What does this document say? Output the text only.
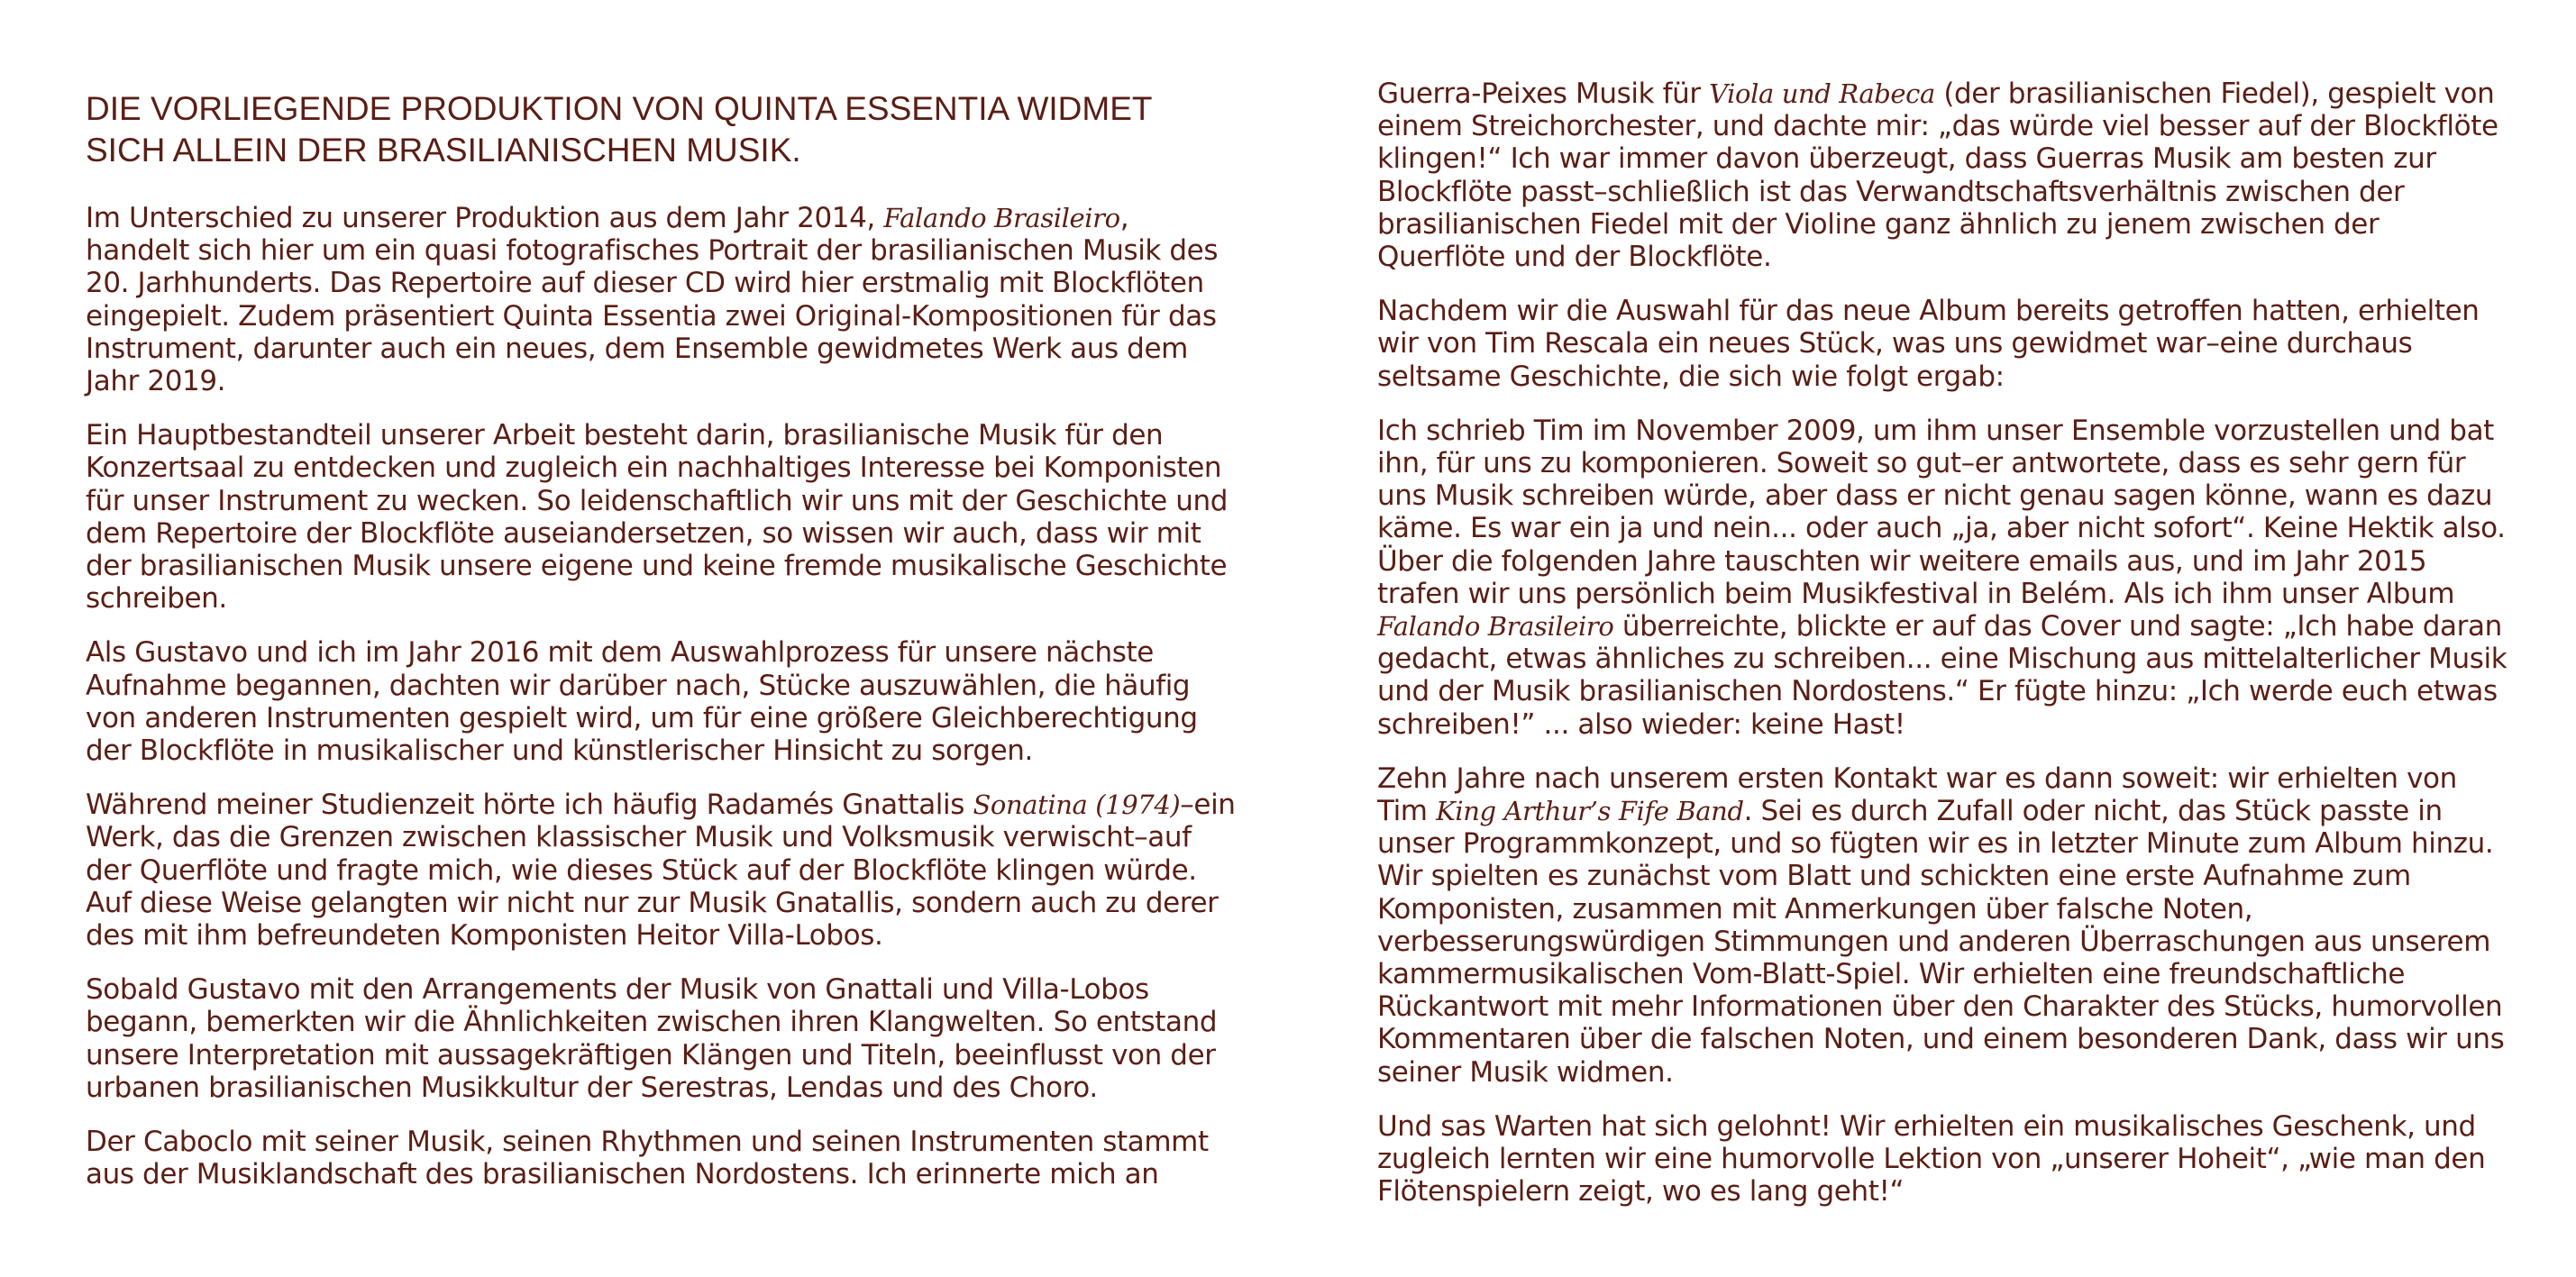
DIE VORLIEGENDE PRODUKTION VON QUINTA ESSENTIA WIDMET SICH ALLEIN DER BRASILIANISCHEN MUSIK.

Im Unterschied zu unserer Produktion aus dem Jahr 2014, Falando Brasileiro, handelt sich hier um ein quasi fotografisches Portrait der brasilianischen Musik des 20. Jarhhunderts. Das Repertoire auf dieser CD wird hier erstmalig mit Blockflöten eingepielt. Zudem präsentiert Quinta Essentia zwei Original-Kompositionen für das Instrument, darunter auch ein neues, dem Ensemble gewidmetes Werk aus dem Jahr 2019.

Ein Hauptbestandteil unserer Arbeit besteht darin, brasilianische Musik für den Konzertsaal zu entdecken und zugleich ein nachhaltiges Interesse bei Komponisten für unser Instrument zu wecken. So leidenschaftlich wir uns mit der Geschichte und dem Repertoire der Blockflöte auseiandersetzen, so wissen wir auch, dass wir mit der brasilianischen Musik unsere eigene und keine fremde musikalische Geschichte schreiben.

Als Gustavo und ich im Jahr 2016 mit dem Auswahlprozess für unsere nächste Aufnahme begannen, dachten wir darüber nach, Stücke auszuwählen, die häufig von anderen Instrumenten gespielt wird, um für eine größere Gleichberechtigung der Blockflöte in musikalischer und künstlerischer Hinsicht zu sorgen.

Während meiner Studienzeit hörte ich häufig Radamés Gnattalis Sonatina (1974)–ein Werk, das die Grenzen zwischen klassischer Musik und Volksmusik verwischt–auf der Querflöte und fragte mich, wie dieses Stück auf der Blockflöte klingen würde. Auf diese Weise gelangten wir nicht nur zur Musik Gnatallis, sondern auch zu derer des mit ihm befreundeten Komponisten Heitor Villa-Lobos.

Sobald Gustavo mit den Arrangements der Musik von Gnattali und Villa-Lobos begann, bemerkten wir die Ähnlichkeiten zwischen ihren Klangwelten. So entstand unsere Interpretation mit aussagekräftigen Klängen und Titeln, beeinflusst von der urbanen brasilianischen Musikkultur der Serestras, Lendas und des Choro.

Der Caboclo mit seiner Musik, seinen Rhythmen und seinen Instrumenten stammt aus der Musiklandschaft des brasilianischen Nordostens. Ich erinnerte mich an

Guerra-Peixes Musik für Viola und Rabeca (der brasilianischen Fiedel), gespielt von einem Streichorchester, und dachte mir: „das würde viel besser auf der Blockflöte klingen!“ Ich war immer davon überzeugt, dass Guerras Musik am besten zur Blockflöte passt–schließlich ist das Verwandtschaftsverhältnis zwischen der brasilianischen Fiedel mit der Violine ganz ähnlich zu jenem zwischen der Querflöte und der Blockflöte.

Nachdem wir die Auswahl für das neue Album bereits getroffen hatten, erhielten wir von Tim Rescala ein neues Stück, was uns gewidmet war–eine durchaus seltsame Geschichte, die sich wie folgt ergab:

Ich schrieb Tim im November 2009, um ihm unser Ensemble vorzustellen und bat ihn, für uns zu komponieren. Soweit so gut–er antwortete, dass es sehr gern für uns Musik schreiben würde, aber dass er nicht genau sagen könne, wann es dazu käme. Es war ein ja und nein... oder auch „ja, aber nicht sofort“. Keine Hektik also. Über die folgenden Jahre tauschten wir weitere emails aus, und im Jahr 2015 trafen wir uns persönlich beim Musikfestival in Belém. Als ich ihm unser Album Falando Brasileiro überreichte, blickte er auf das Cover und sagte: „Ich habe daran gedacht, etwas ähnliches zu schreiben... eine Mischung aus mittelalterlicher Musik und der Musik brasilianischen Nordostens.“ Er fügte hinzu: „Ich werde euch etwas schreiben!” ... also wieder: keine Hast!

Zehn Jahre nach unserem ersten Kontakt war es dann soweit: wir erhielten von Tim King Arthur’s Fife Band. Sei es durch Zufall oder nicht, das Stück passte in unser Programmkonzept, und so fügten wir es in letzter Minute zum Album hinzu. Wir spielten es zunächst vom Blatt und schickten eine erste Aufnahme zum Komponisten, zusammen mit Anmerkungen über falsche Noten, verbesserungswürdigen Stimmungen und anderen Überraschungen aus unserem kammermusikalischen Vom-Blatt-Spiel. Wir erhielten eine freundschaftliche Rückantwort mit mehr Informationen über den Charakter des Stücks, humorvollen Kommentaren über die falschen Noten, und einem besonderen Dank, dass wir uns seiner Musik widmen.

Und sas Warten hat sich gelohnt! Wir erhielten ein musikalisches Geschenk, und zugleich lernten wir eine humorvolle Lektion von „unserer Hoheit“, „wie man den Flötenspielern zeigt, wo es lang geht!“
